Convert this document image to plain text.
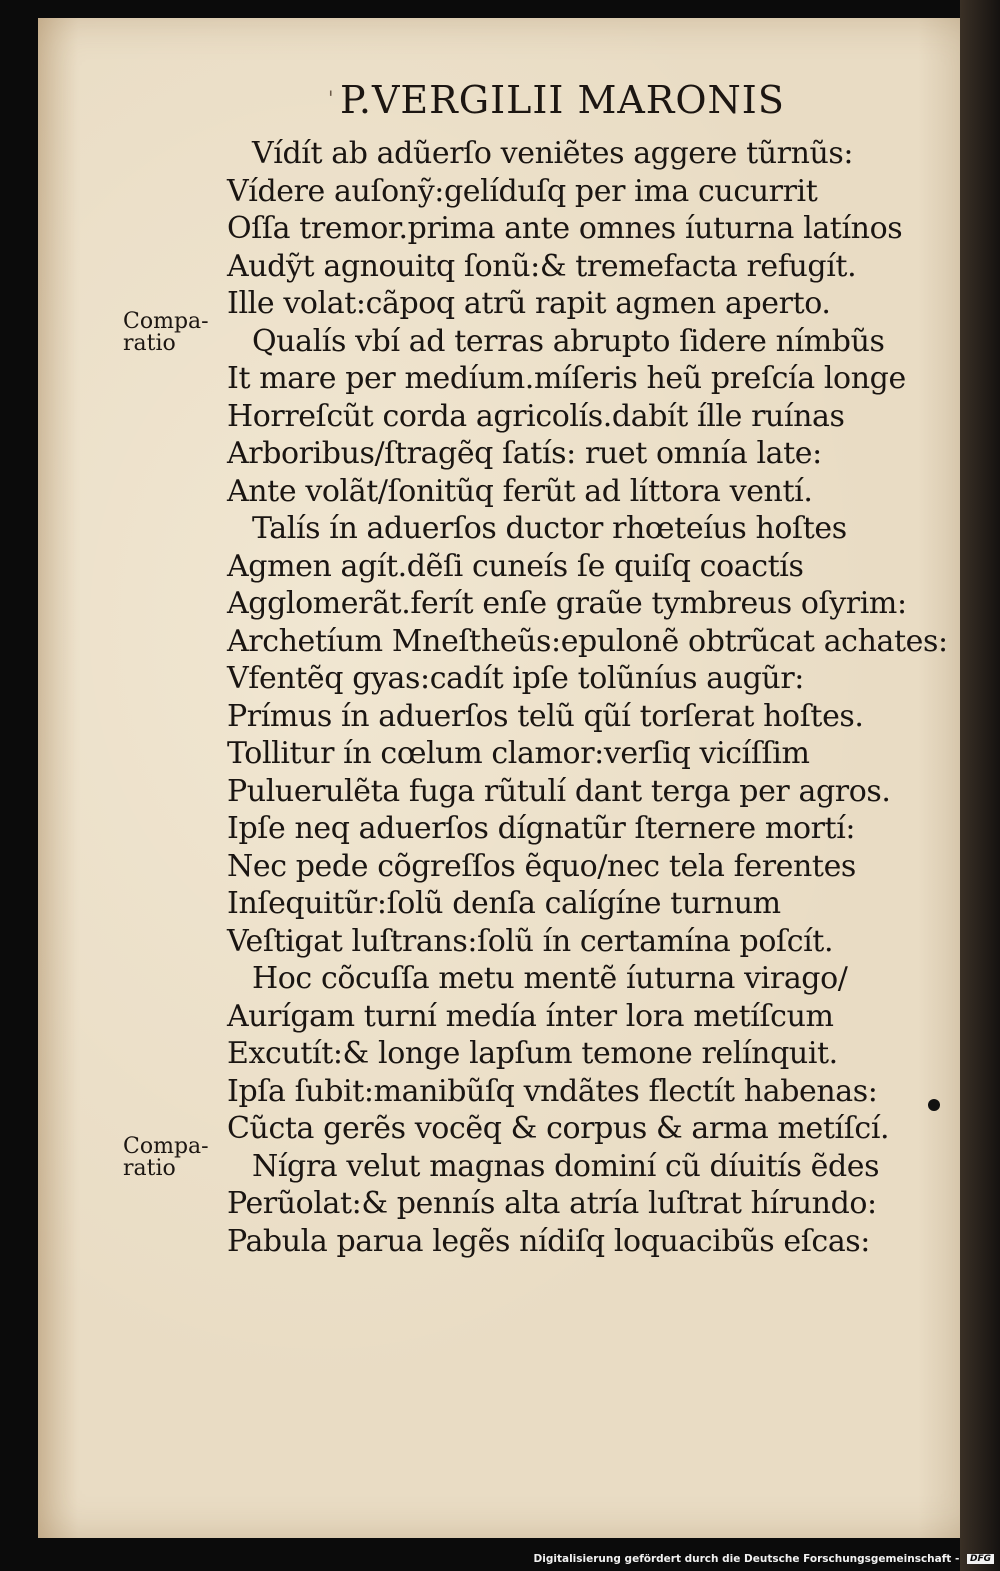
' P.VERGILII MARONIS
Vídít ab adũerſo veniẽtes aggere tũrnũs:
Vídere auſonỹ:gelíduſq per ima cucurrit
Oſſa tremor.prima ante omnes íuturna latínos
Audỹt agnouitq ſonũ:& tremefacta refugít.
Ille volat:cãpoq atrũ rapit agmen aperto.
Qualís vbí ad terras abrupto ſidere nímbũs
It mare per medíum.míſeris heũ preſcía longe
Horreſcũt corda agricolís.dabít ílle ruínas
Arboribus/ſtragẽq ſatís: ruet omnía late:
Ante volãt/ſonitũq ferũt ad líttora ventí.
Talís ín aduerſos ductor rhœteíus hoſtes
Agmen agít.dẽſi cuneís ſe quiſq coactís
Agglomerãt.ferít enſe graũe tymbreus oſyrim:
Archetíum Mneſtheũs:epulonẽ obtrũcat achates:
Vfentẽq gyas:cadít ipſe tolũníus augũr:
Prímus ín aduerſos telũ qũí torſerat hoſtes.
Tollitur ín cœlum clamor:verſiq vicíſſim
Puluerulẽta fuga rũtulí dant terga per agros.
Ipſe neq aduerſos dígnatũr ſternere mortí:
Nec pede cõgreſſos ẽquo/nec tela ferentes
Inſequitũr:ſolũ denſa calígíne turnum
Veſtigat luſtrans:ſolũ ín certamína poſcít.
Hoc cõcuſſa metu mentẽ íuturna virago/
Aurígam turní medía ínter lora metíſcum
Excutít:& longe lapſum temone relínquit.
Ipſa ſubit:manibũſq vndãtes flectít habenas:
Cũcta gerẽs vocẽq & corpus & arma metíſcí.
Nígra velut magnas dominí cũ díuitís ẽdes
Perũolat:& pennís alta atría luſtrat hírundo:
Pabula parua legẽs nídiſq loquacibũs eſcas:
Compa-
ratio
Compa-
ratio
Digitalisierung gefördert durch die Deutsche Forschungsgemeinschaft - DFG
